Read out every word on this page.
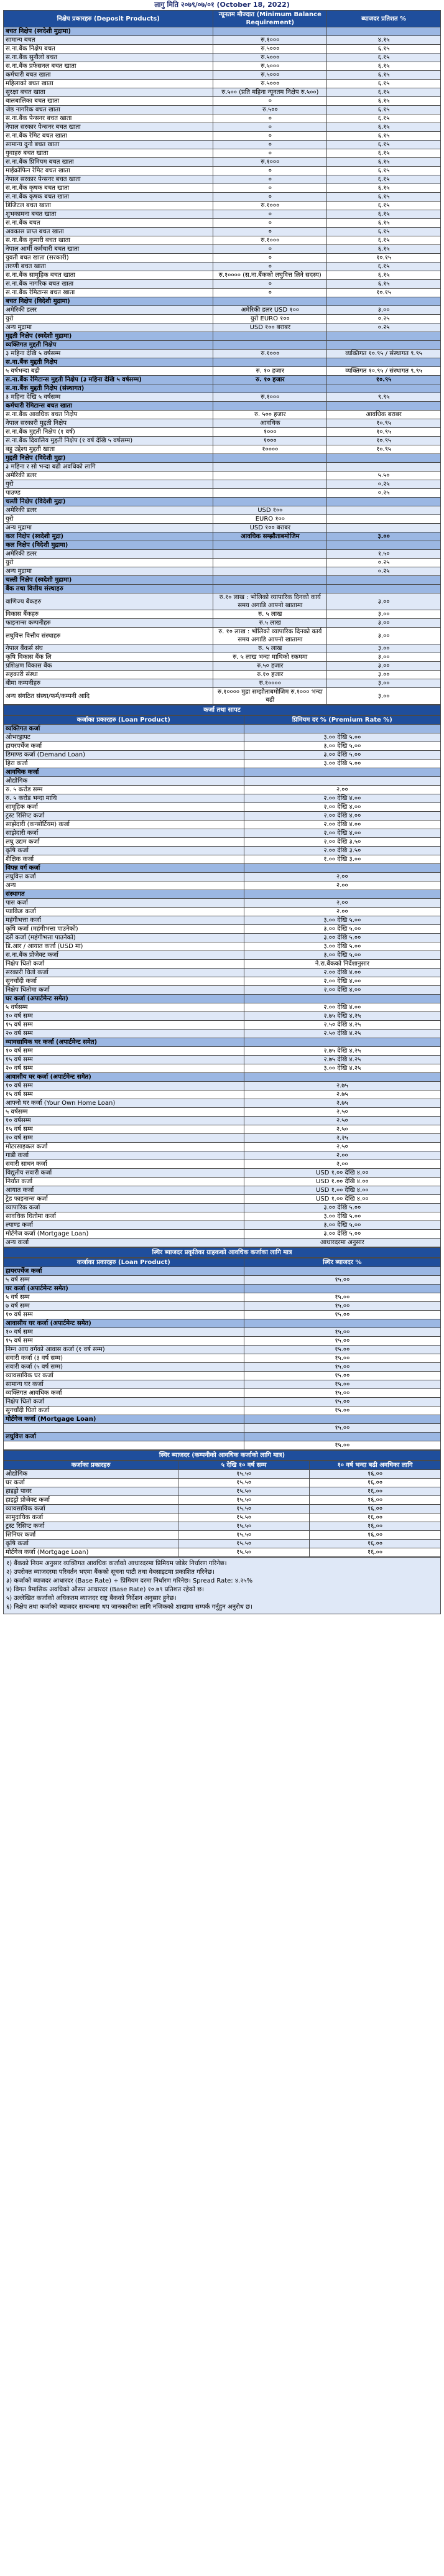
लागु मिति २०७९/०७/०१ (October 18, 2022)
निक्षेप प्रकारहरु (Deposit Products)	न्यूनतम मौज्दात (Minimum Balance Requirement)	ब्याजदर प्रतिशत %
बचत निक्षेप (स्वदेशी मुद्रामा)		
सामान्य बचत	रु.१०००	४.१५
स.ना.बैंक निक्षेप बचत	रु.५०००	६.१५
स.ना.बैंक सुनौलो बचत	रु.५०००	६.१५
स.ना.बैंक प्रफेसनल बचत खाता	रु.५०००	६.१५
कर्मचारी बचत खाता	रु.५०००	६.१५
महिलाको बचत खाता	रु.५०००	६.१५
सुरक्षा बचत खाता	रु.५०० (प्रति महिना न्यूनतम निक्षेप रु.५००)	६.१५
बालबालिका बचत खाता	०	६.१५
जेष्ठ नागरिक बचत खाता	रु.५००	६.१५
स.ना.बैंक पेन्सनर बचत खाता	०	६.१५
नेपाल सरकार पेन्सनर बचत खाता	०	६.१५
स.ना.बैंक रेमिट बचत खाता	०	६.१५
सामान्य दुनो बचत खाता	०	६.१५
युवाहरु बचत खाता	०	६.१५
स.ना.बैंक प्रिमियम बचत खाता	रु.१०००	६.१५
माईक्रोफिन रेमिट बचत खाता	०	६.१५
नेपाल सरकार पेन्सनर बचत खाता	०	६.१५
स.ना.बैंक कृषक बचत खाता	०	६.१५
स.ना.बैंक कृषक बचत खाता	०	६.१५
डिजिटल बचत खाता	रु.१०००	६.१५
शुभकामना बचत खाता	०	६.१५
स.ना.बैंक बचत	०	६.१५
अवकास प्राप्त बचत खाता	०	६.१५
स.ना.बैंक कुमारी बचत खाता	रु.१०००	६.१५
नेपाल आर्मी कर्मचारी बचत खाता	०	६.१५
युवती बचत खाता (सरकारी)	०	१०.१५
तरुणी बचत खाता	०	६.१५
स.ना.बैंक सामूहिक बचत खाता	रु.१०००० (स.ना.बैंकको लघुवित्त लिने सदस्य)	६.१५
स.ना.बैंक नागरिक बचत खाता	०	६.१५
स.ना.बैंक रेमिटान्स बचत खाता	०	१०.१५
बचत निक्षेप (विदेशी मुद्रामा)		
अमेरिकी डलर	अमेरिकी डलर USD १००	३.००
युरो	युरो EURO १००	०.२५
अन्य मुद्रामा	USD १०० बराबर	०.२५
मुद्दती निक्षेप (स्वदेशी मुद्रामा)		
व्यक्तिगत मुद्दती निक्षेप		
३ महिना देखि ५ वर्षसम्म	रु.१०००	व्यक्तिगत १०.९५ / संस्थागत ९.९५
स.ना.बैंक मुद्दती निक्षेप		
५ वर्षभन्दा बढी	रु. १० हजार	व्यक्तिगत १०.९५ / संस्थागत ९.९५
स.ना.बैंक रेमिटान्स मुद्दती निक्षेप (३ महिना देखि ५ वर्षसम्म)	रु. १० हजार	१०.९५
स.ना.बैंक मुद्दती निक्षेप (संस्थागत)		
३ महिना देखि ५ वर्षसम्म	रु.१०००	९.९५
कर्मचारी रेमिटान्स बचत खाता		
स.ना.बैंक आवधिक बचत निक्षेप	रु. ५०० हजार	आवधिक बराबर
नेपाल सरकारी मुद्दती निक्षेप	आवधिक	१०.९५
स.ना.बैंक मुद्दती निक्षेप (१ वर्ष)	१०००	१०.९५
स.ना.बैंक दिवालिय मुद्दती निक्षेप (१ वर्ष देखि ५ वर्षसम्म)	१०००	१०.९५
बहु उद्देश्य मुद्दती खाता	१००००	१०.९५
मुद्दती निक्षेप (विदेशी मुद्रा)		
३ महिना र सो भन्दा बढी अवधिको लागि		
अमेरिकी डलर		५.५०
युरो		०.२५
पाउण्ड		०.२५
चल्ती निक्षेप (विदेशी मुद्रा)		
अमेरिकी डलर	USD १००	
युरो	EURO १००	
अन्य मुद्रामा	USD १०० बराबर	
कल निक्षेप (स्वदेशी मुद्रा)	आवधिक सम्झौताबमोजिम	३.००
कल निक्षेप (विदेशी मुद्रामा)		
अमेरिकी डलर		१.५०
युरो		०.२५
अन्य मुद्रामा		०.२५
चल्ती निक्षेप (स्वदेशी मुद्रामा)		
बैंक तथा वित्तीय संस्थाहरु		
वाणिज्य बैंकहरु	रु.१० लाख : भोलिको व्यापारिक दिनको कार्य समय अगाडि आफ्नो खातामा	३.००
विकास बैंकहरु	रु. ५ लाख	३.००
फाइनान्स कम्पनीहरु	रु.५ लाख	३.००
लघुवित्त वित्तीय संस्थाहरु	रु. १० लाख : भोलिको व्यापारिक दिनको कार्य समय अगाडि आफ्नो खातामा	३.००
नेपाल बैंकर्स संघ	रु. ५ लाख	३.००
कृषि विकास बैंक लि	रु. ५ लाख भन्दा माथिको रकममा	३.००
प्रशिक्षण विकास बैंक	रु.५० हजार	३.००
सहकारी संस्था	रु.१० हजार	३.००
बीमा कम्पनीहरु	रु.१००००	३.००
अन्य संगठित संस्था/फर्म/कम्पनी आदि	रु.१०००० मुद्रा सम्झौताबमोजिम रु.१००० भन्दा बढी	३.००
कर्जा तथा सापट
कर्जाका प्रकारहरु (Loan Product)	प्रिमियम दर % (Premium Rate %)
व्यक्तिगत कर्जा	
ओभरड्राफ्ट	३.०० देखि ५.००
हायरपर्चेज कर्जा	३.०० देखि ५.००
डिमाण्ड कर्जा (Demand Loan)	३.०० देखि ५.००
हिरा कर्जा	३.०० देखि ५.००
आवधिक कर्जा	
औद्योगिक	
रु. ५ करोड सम्म	२.००
रु. ५ करोड भन्दा माथि	२.०० देखि ४.००
सामूहिक कर्जा	२.०० देखि ४.००
ट्रस्ट रिसिप्ट कर्जा	२.०० देखि ४.००
साझेदारी (कन्सोर्टियम) कर्जा	२.०० देखि ४.००
साझेदारी कर्जा	२.०० देखि ४.००
लघु उद्यम कर्जा	२.०० देखि ३.५०
कृषि कर्जा	२.०० देखि ३.५०
शैक्षिक कर्जा	१.०० देखि ३.००
विपन्न वर्ग कर्जा	
लघुवित्त कर्जा	२.००
अन्य	२.००
संस्थागत	
पास कर्जा	२.००
प्याकिङ कर्जा	२.००
महंगीभत्ता कर्जा	३.०० देखि ५.००
कृषि कर्जा (महंगीभत्ता पाउनेको)	३.०० देखि ५.००
दसैं कर्जा (महंगीभत्ता पाउनेको)	३.०० देखि ५.००
डि.आर / आयात कर्जा (USD मा)	३.०० देखि ५.००
स.ना.बैंक प्रोजेक्ट कर्जा	३.०० देखि ५.००
निक्षेप धितो कर्जा	ने.रा.बैंकको निर्देशानुसार
सरकारी धितो कर्जा	२.०० देखि ४.००
सुनचाँदी कर्जा	२.०० देखि ४.००
निक्षेप धितोमा कर्जा	२.०० देखि ४.००
घर कर्जा (अपार्टमेन्ट समेत)	
५ वर्षसम्म	२.०० देखि ४.००
१० वर्ष सम्म	२.७५ देखि ४.२५
१५ वर्ष सम्म	२.५० देखि ४.२५
२० वर्ष सम्म	२.५० देखि ४.२५
व्यावसायिक घर कर्जा (अपार्टमेन्ट समेत)	
१० वर्ष सम्म	२.७५ देखि ४.२५
१५ वर्ष सम्म	२.७५ देखि ४.२५
२० वर्ष सम्म	३.०० देखि ४.२५
आवासीय घर कर्जा (अपार्टमेन्ट समेत)	
१० वर्ष सम्म	२.७५
१५ वर्ष सम्म	२.७५
आफ्नो घर कर्जा (Your Own Home Loan)	२.७५
५ वर्षसम्म	२.५०
१० वर्षसम्म	२.५०
१५ वर्ष सम्म	२.५०
२० वर्ष सम्म	२.२५
मोटरसाइकल कर्जा	२.५०
गाडी कर्जा	२.००
सवारी साधन कर्जा	२.००
विद्युतीय सवारी कर्जा	USD १.०० देखि ४.००
निर्यात कर्जा	USD १.०० देखि ४.००
आयात कर्जा	USD १.०० देखि ४.००
ट्रेड फाइनान्स कर्जा	USD १.०० देखि ४.००
व्यापारिक कर्जा	३.०० देखि ५.००
सावधिक धितोमा कर्जा	३.०० देखि ५.००
ल्याण्ड कर्जा	३.०० देखि ५.००
मोर्टगेज कर्जा (Mortgage Loan)	३.०० देखि ५.००
अन्य कर्जा	आधारदरमा अनुसार
स्थिर ब्याजदर प्रकृतिका ग्राहकको आवधिक कर्जाका लागि मात्र
कर्जाका प्रकारहरु (Loan Product)	स्थिर ब्याजदर %
हायरपर्चेज कर्जा	
५ वर्ष सम्म	१५.००
घर कर्जा (अपार्टमेन्ट समेत)	
५ वर्ष सम्म	१५.००
७ वर्ष सम्म	१५.००
१० वर्ष सम्म	१५.००
आवासीय घर कर्जा (अपार्टमेन्ट समेत)	
१० वर्ष सम्म	१५.००
१५ वर्ष सम्म	१५.००
निम्न आय वर्गको आवास कर्जा (१ वर्ष सम्म)	१५.००
सवारी कर्जा (३ वर्ष सम्म)	१५.००
सवारी कर्जा (५ वर्ष सम्म)	१५.००
व्यावसायिक घर कर्जा	१५.००
सामान्य घर कर्जा	१५.००
व्यक्तिगत आवधिक कर्जा	१५.००
निक्षेप धितो कर्जा	१५.००
सुनचाँदी धितो कर्जा	१५.००
मोर्टगेज कर्जा (Mortgage Loan)	
	१५.००
लघुवित्त कर्जा	
	१५.००
स्थिर ब्याजदर (कम्पनीको आवधिक कर्जाको लागि मात्र)
कर्जाका प्रकारहरु	५ देखि १० वर्ष सम्म	१० वर्ष भन्दा बढी अवधिका लागि
औद्योगिक	१५.५०	१६.००
घर कर्जा	१५.५०	१६.००
हाइड्रो पावर	१५.५०	१६.००
हाइड्रो प्रोजेक्ट कर्जा	१५.५०	१६.००
व्यावसायिक कर्जा	१५.५०	१६.००
सामुदायिक कर्जा	१५.५०	१६.००
ट्रस्ट रिसिप्ट कर्जा	१५.५०	१६.००
सिनियर कर्जा	१५.५०	१६.००
कृषि कर्जा	१५.५०	१६.००
मोर्टगेज कर्जा (Mortgage Loan)	१५.५०	१६.००
१) बैंकको नियम अनुसार व्यक्तिगत आवधिक कर्जाको आधारदरमा प्रिमियम जोडेर निर्धारण गरिनेछ।
२) उपरोक्त ब्याजदरमा परिवर्तन भएमा बैंकको सूचना पाटी तथा वेबसाइटमा प्रकाशित गरिनेछ।
३) कर्जाको ब्याजदर आधारदर (Base Rate) + प्रिमियम दरमा निर्धारण गरिनेछ। Spread Rate: ४.२५%
४) विगत त्रैमासिक अवधिको औसत आधारदर (Base Rate) १०.७९ प्रतिशत रहेको छ।
५) उल्लेखित कर्जाको अधिकतम ब्याजदर राष्ट्र बैंकको निर्देशन अनुसार हुनेछ।
६) निक्षेप तथा कर्जाको ब्याजदर सम्बन्धमा थप जानकारीका लागि नजिकको शाखामा सम्पर्क गर्नुहुन अनुरोध छ।
